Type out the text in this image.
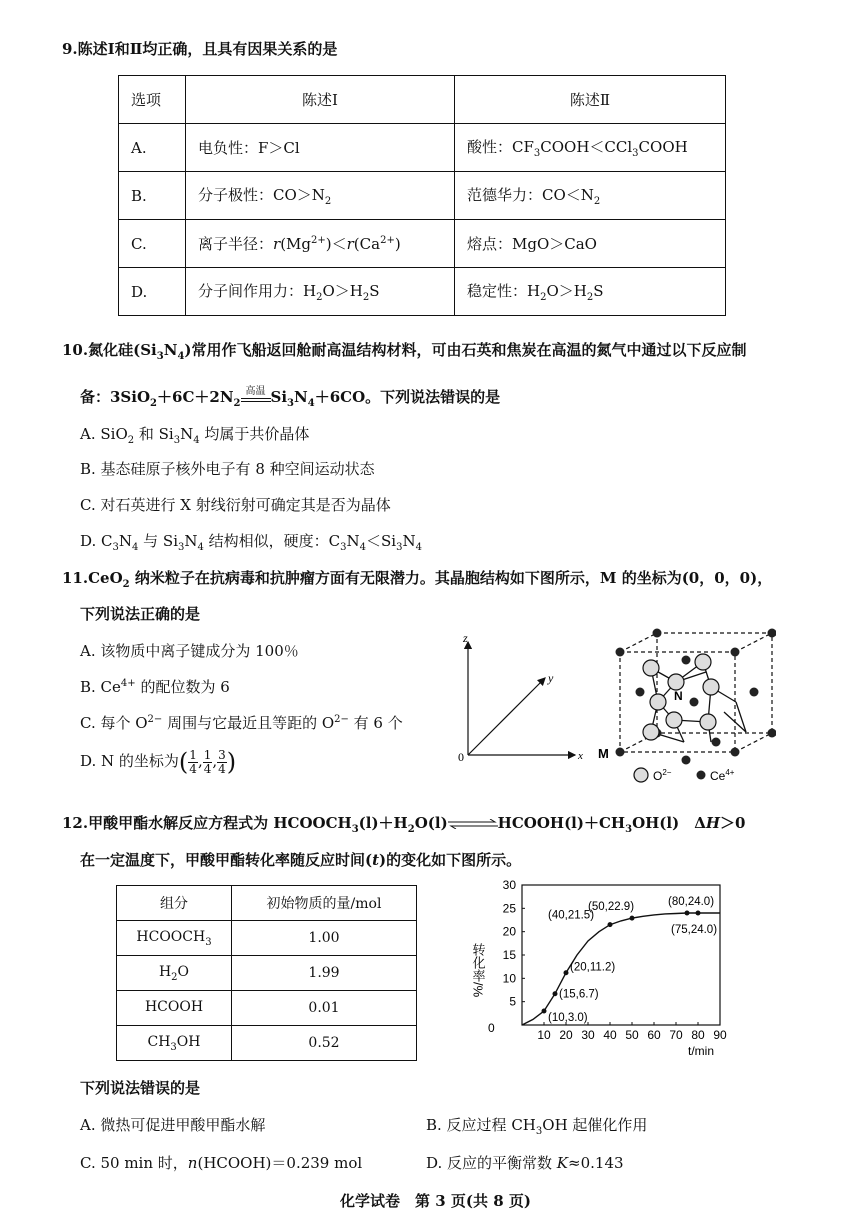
9.陈述Ⅰ和Ⅱ均正确，且具有因果关系的是
选项	陈述Ⅰ	陈述Ⅱ
A.	电负性：F＞Cl	酸性：$CF_3COOH<CCl_3COOH$
B.	分子极性：$CO>N_2$	范德华力：$CO<N_2$
C.	离子半径：$r(Mg^{2+})<r(Ca^{2+})$	熔点：MgO＞CaO
D.	分子间作用力：$H_2O>H_2S$	稳定性：$H_2O>H_2S$
10.氮化硅$(Si_3N_4)$常用作飞船返回舱耐高温结构材料，可由石英和焦炭在高温的氮气中通过以下反应制
备：$3SiO_2+6C+2N_2$
高温 $Si_3N_4+6CO$。下列说法错误的是
A. SiO$_2$ 和 $Si_3N_4$ 均属于共价晶体
B. 基态硅原子核外电子有 8 种空间运动状态
C. 对石英进行 X 射线衍射可确定其是否为晶体
D. $C_3N_4$ 与 $Si_3N_4$ 结构相似，硬度：$C_3N_4<Si_3N_4$
11.CeO$_2$ 纳米粒子在抗病毒和抗肿瘤方面有无限潜力。其晶胞结构如下图所示，M 的坐标为(0，0，0)，
下列说法正确的是
A. 该物质中离子键成分为 100％
B. $Ce^{4+}$ 的配位数为 6
C. 每个 $O^{2-}$ 周围与它最近且等距的 $O^{2-}$ 有 6 个
D. N 的坐标为( $\frac{1}{4}$ , $\frac{1}{4}$ , $\frac{3}{4}$ )
z
y
x
0
N
M
$O^{2-}$	$Ce^{4+}$
12.甲酸甲酯水解反应方程式为 $HCOOCH_3(l)+H_2O(l)\rightleftharpoons HCOOH(l)+CH_3OH(l)$　ΔH＞0
在一定温度下，甲酸甲酯转化率随反应时间(t)的变化如下图所示。
组分	初始物质的量/mol
$HCOOCH_3$	1.00
$H_2O$	1.99
HCOOH	0.01
$CH_3OH$	0.52
转化率/%
t/min
0	10 20 30 40 50 60 70 80 90
5
10
15
20
25
30
(10,3.0)
(15,6.7)
(20,11.2)
(40,21.5)
(50,22.9)
(75,24.0)
(80,24.0)
下列说法错误的是
A. 微热可促进甲酸甲酯水解	B. 反应过程 $CH_3OH$ 起催化作用
C. 50 min 时，n(HCOOH)＝0.239 mol	D. 反应的平衡常数 K≈0.143
化学试卷　第 3 页(共 8 页)
